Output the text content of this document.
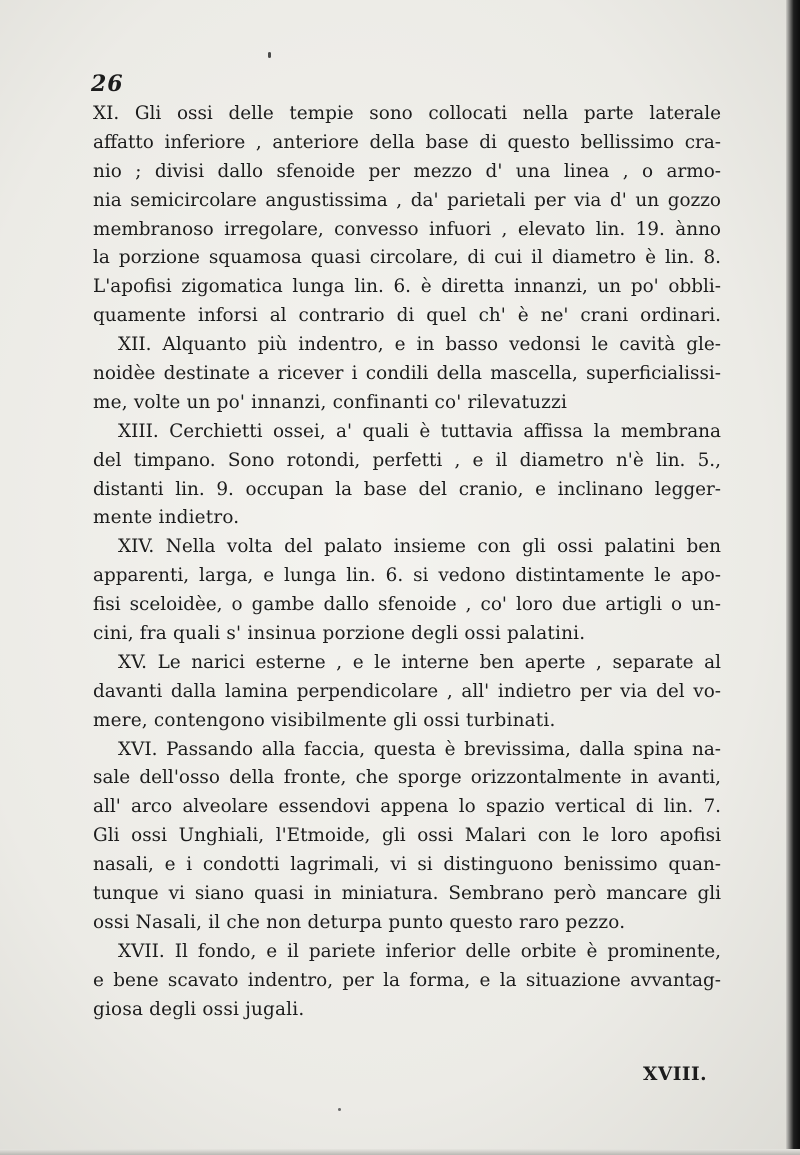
26
XI. Gli ossi delle tempie sono collocati nella parte laterale
affatto inferiore , anteriore della base di questo bellissimo cra-
nio ; divisi dallo sfenoide per mezzo d' una linea , o armo-
nia semicircolare angustissima , da' parietali per via d' un gozzo
membranoso irregolare, convesso infuori , elevato lin. 19. ànno
la porzione squamosa quasi circolare, di cui il diametro è lin. 8.
L'apofisi zigomatica lunga lin. 6. è diretta innanzi, un po' obbli-
quamente inforsi al contrario di quel ch' è ne' crani ordinari.
XII. Alquanto più indentro, e in basso vedonsi le cavità gle-
noidèe destinate a ricever i condili della mascella, superficialissi-
me, volte un po' innanzi, confinanti co' rilevatuzzi
XIII. Cerchietti ossei, a' quali è tuttavia affissa la membrana
del timpano. Sono rotondi, perfetti , e il diametro n'è lin. 5.,
distanti lin. 9. occupan la base del cranio, e inclinano legger-
mente indietro.
XIV. Nella volta del palato insieme con gli ossi palatini ben
apparenti, larga, e lunga lin. 6. si vedono distintamente le apo-
fisi sceloidèe, o gambe dallo sfenoide , co' loro due artigli o un-
cini, fra quali s' insinua porzione degli ossi palatini.
XV. Le narici esterne , e le interne ben aperte , separate al
davanti dalla lamina perpendicolare , all' indietro per via del vo-
mere, contengono visibilmente gli ossi turbinati.
XVI. Passando alla faccia, questa è brevissima, dalla spina na-
sale dell'osso della fronte, che sporge orizzontalmente in avanti,
all' arco alveolare essendovi appena lo spazio vertical di lin. 7.
Gli ossi Unghiali, l'Etmoide, gli ossi Malari con le loro apofisi
nasali, e i condotti lagrimali, vi si distinguono benissimo quan-
tunque vi siano quasi in miniatura. Sembrano però mancare gli
ossi Nasali, il che non deturpa punto questo raro pezzo.
XVII. Il fondo, e il pariete inferior delle orbite è prominente,
e bene scavato indentro, per la forma, e la situazione avvantag-
giosa degli ossi jugali.
XVIII.
